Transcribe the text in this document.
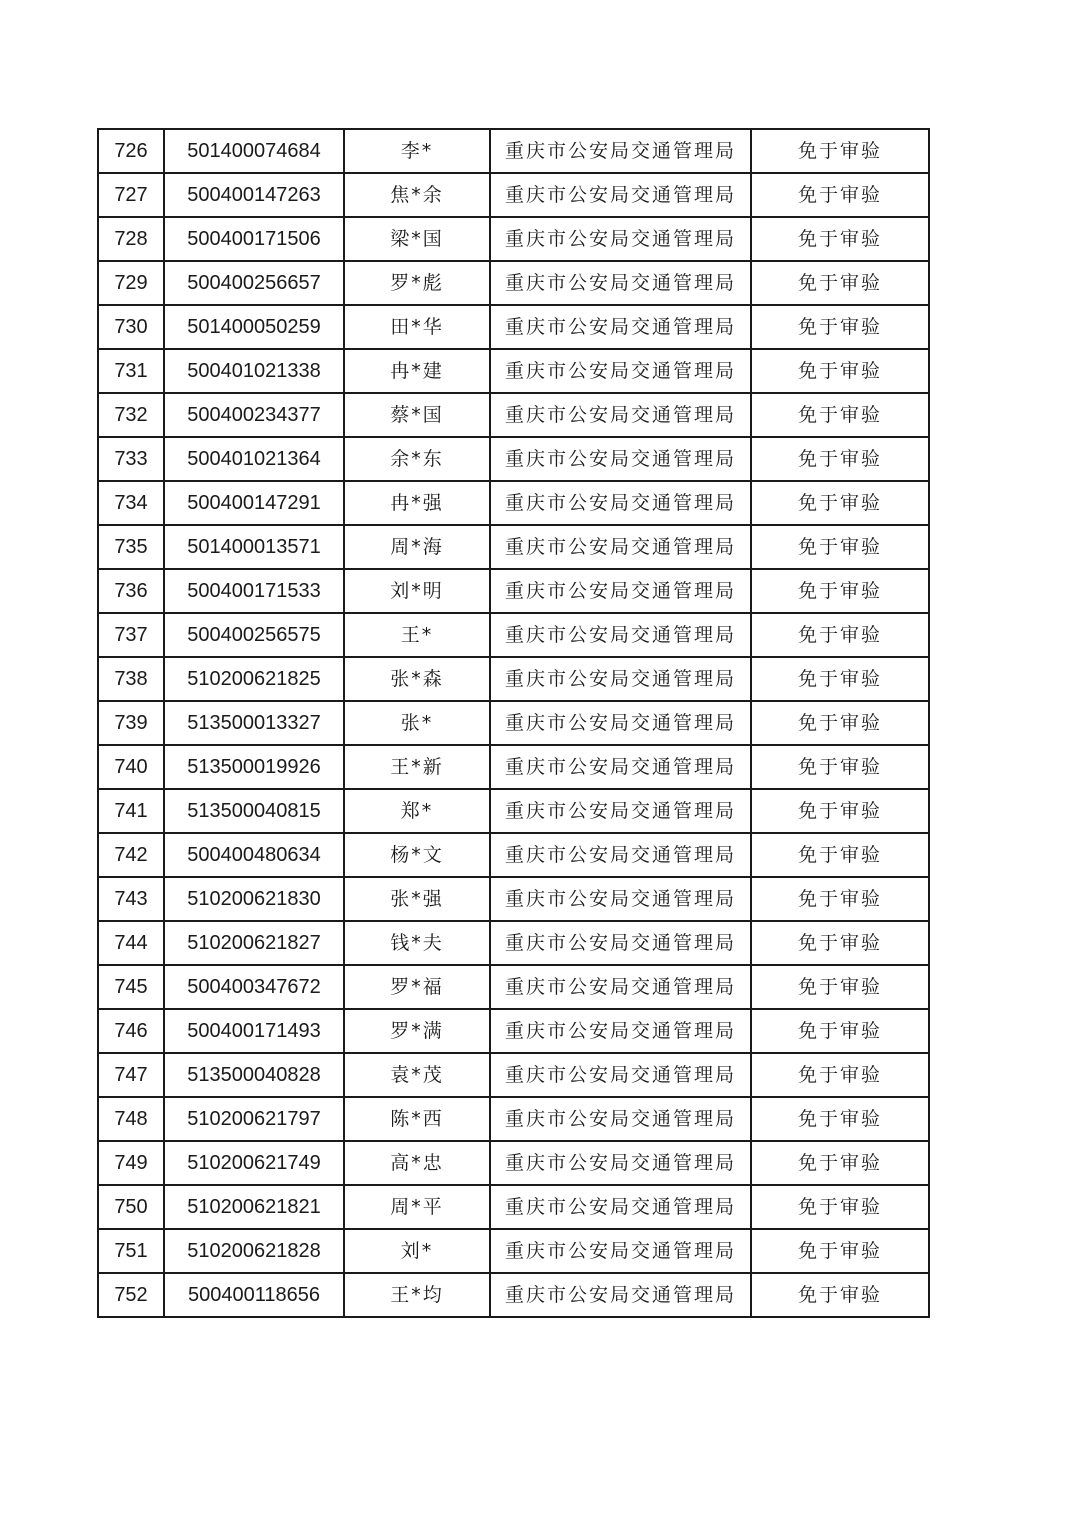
726	501400074684	李*	重庆市公安局交通管理局	免于审验
727	500400147263	焦*余	重庆市公安局交通管理局	免于审验
728	500400171506	梁*国	重庆市公安局交通管理局	免于审验
729	500400256657	罗*彪	重庆市公安局交通管理局	免于审验
730	501400050259	田*华	重庆市公安局交通管理局	免于审验
731	500401021338	冉*建	重庆市公安局交通管理局	免于审验
732	500400234377	蔡*国	重庆市公安局交通管理局	免于审验
733	500401021364	余*东	重庆市公安局交通管理局	免于审验
734	500400147291	冉*强	重庆市公安局交通管理局	免于审验
735	501400013571	周*海	重庆市公安局交通管理局	免于审验
736	500400171533	刘*明	重庆市公安局交通管理局	免于审验
737	500400256575	王*	重庆市公安局交通管理局	免于审验
738	510200621825	张*森	重庆市公安局交通管理局	免于审验
739	513500013327	张*	重庆市公安局交通管理局	免于审验
740	513500019926	王*新	重庆市公安局交通管理局	免于审验
741	513500040815	郑*	重庆市公安局交通管理局	免于审验
742	500400480634	杨*文	重庆市公安局交通管理局	免于审验
743	510200621830	张*强	重庆市公安局交通管理局	免于审验
744	510200621827	钱*夫	重庆市公安局交通管理局	免于审验
745	500400347672	罗*福	重庆市公安局交通管理局	免于审验
746	500400171493	罗*满	重庆市公安局交通管理局	免于审验
747	513500040828	袁*茂	重庆市公安局交通管理局	免于审验
748	510200621797	陈*西	重庆市公安局交通管理局	免于审验
749	510200621749	高*忠	重庆市公安局交通管理局	免于审验
750	510200621821	周*平	重庆市公安局交通管理局	免于审验
751	510200621828	刘*	重庆市公安局交通管理局	免于审验
752	500400118656	王*均	重庆市公安局交通管理局	免于审验
